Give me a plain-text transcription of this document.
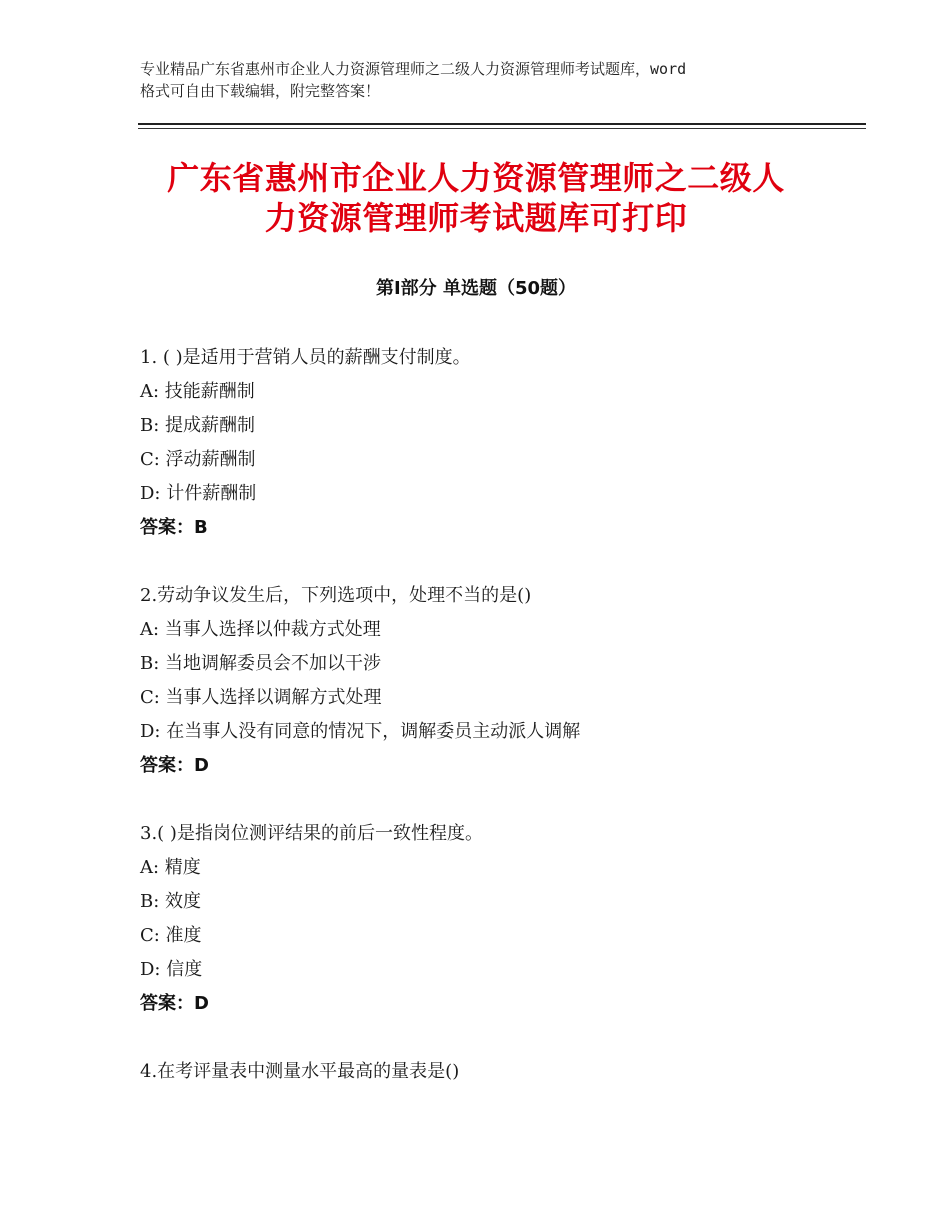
专业精品广东省惠州市企业人力资源管理师之二级人力资源管理师考试题库，word
格式可自由下载编辑，附完整答案！
广东省惠州市企业人力资源管理师之二级人
力资源管理师考试题库可打印
第Ⅰ部分 单选题（50题）
1. ( )是适用于营销人员的薪酬支付制度。
A: 技能薪酬制
B: 提成薪酬制
C: 浮动薪酬制
D: 计件薪酬制
答案：B
2.劳动争议发生后，下列选项中，处理不当的是()
A: 当事人选择以仲裁方式处理
B: 当地调解委员会不加以干涉
C: 当事人选择以调解方式处理
D: 在当事人没有同意的情况下，调解委员主动派人调解
答案：D
3.( )是指岗位测评结果的前后一致性程度。
A: 精度
B: 效度
C: 准度
D: 信度
答案：D
4.在考评量表中测量水平最高的量表是()
